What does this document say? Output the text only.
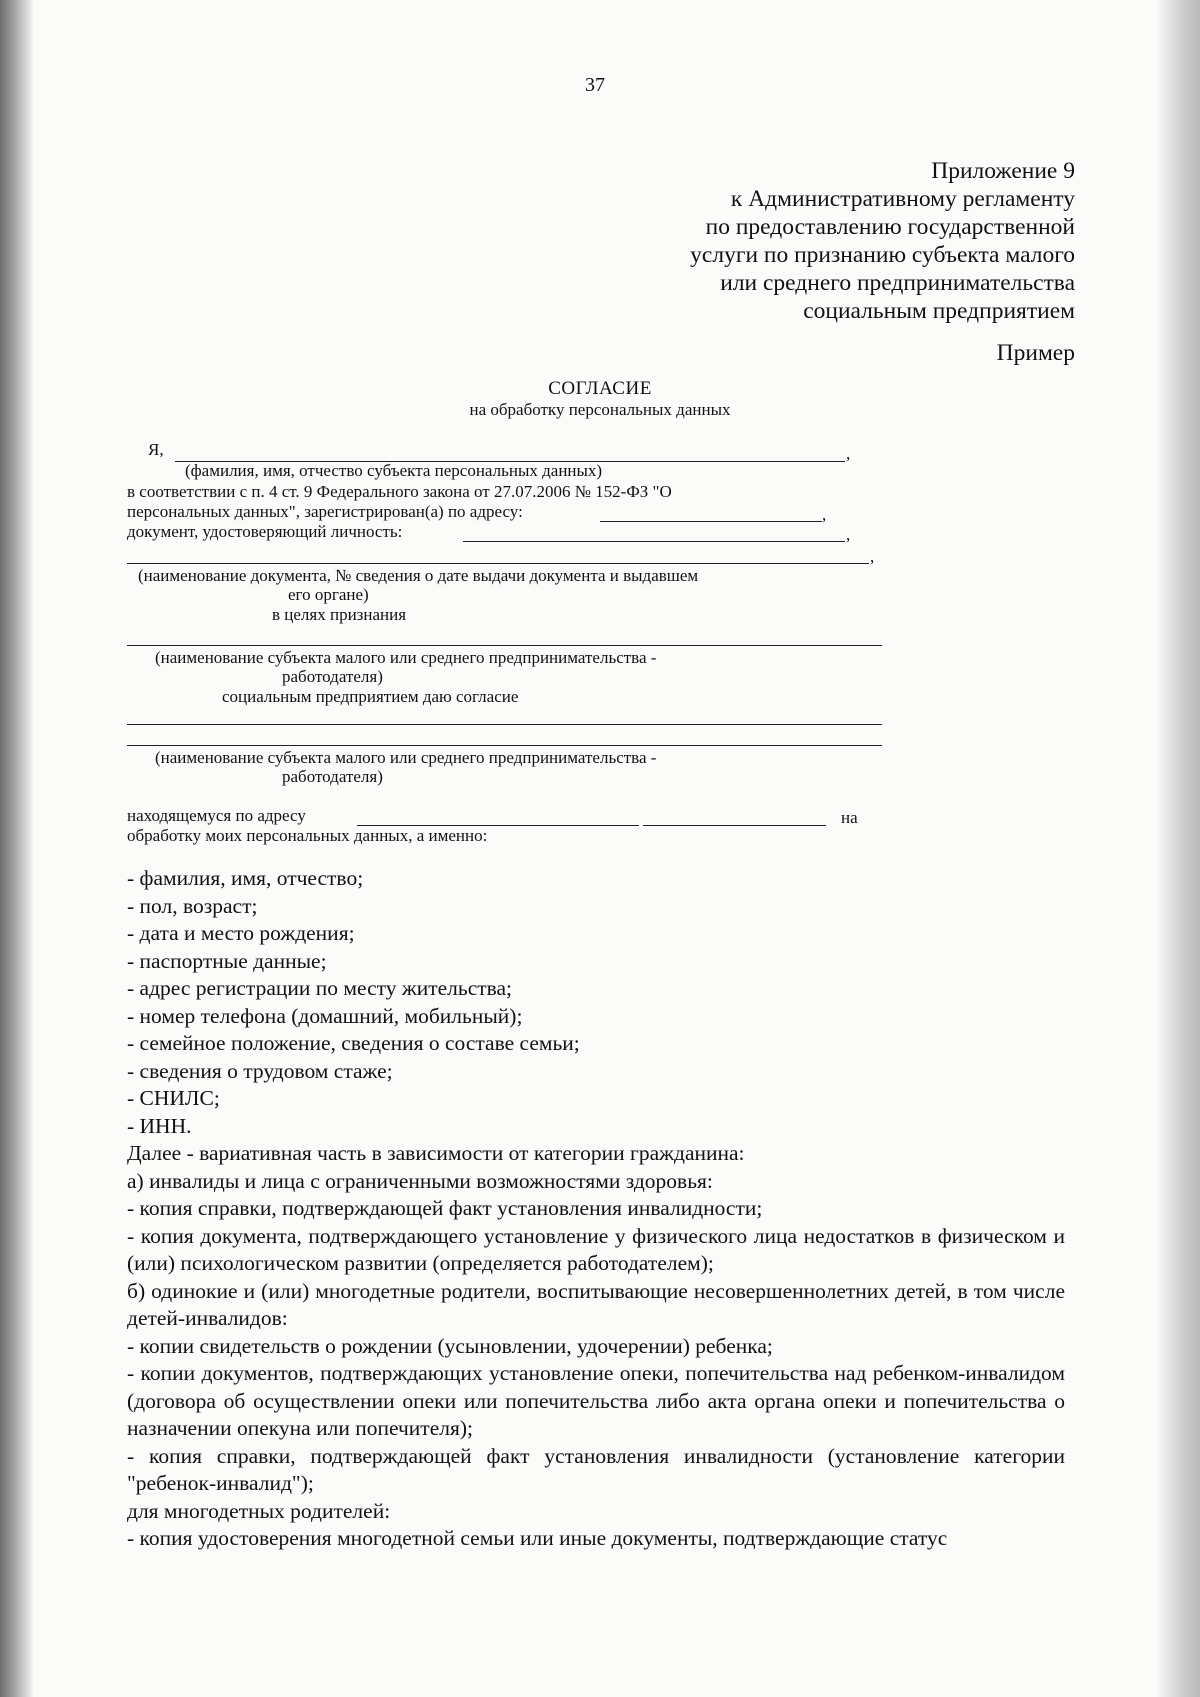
37
Приложение 9
к Административному регламенту
по предоставлению государственной
услуги по признанию субъекта малого
или среднего предпринимательства
социальным предприятием
Пример
СОГЛАСИЕ
на обработку персональных данных
Я,	,
(фамилия, имя, отчество субъекта персональных данных)
в соответствии с п. 4 ст. 9 Федерального закона от 27.07.2006 № 152-ФЗ "О
персональных данных", зарегистрирован(а) по адресу:	,
документ, удостоверяющий личность:	,
,
(наименование документа, № сведения о дате выдачи документа и выдавшем
его органе)
в целях признания
(наименование субъекта малого или среднего предпринимательства -
работодателя)
социальным предприятием даю согласие
(наименование субъекта малого или среднего предпринимательства -
работодателя)
находящемуся по адресу	на
обработку моих персональных данных, а именно:

- фамилия, имя, отчество;

- пол, возраст;

- дата и место рождения;

- паспортные данные;

- адрес регистрации по месту жительства;

- номер телефона (домашний, мобильный);

- семейное положение, сведения о составе семьи;

- сведения о трудовом стаже;

- СНИЛС;

- ИНН.

Далее - вариативная часть в зависимости от категории гражданина:

а) инвалиды и лица с ограниченными возможностями здоровья:

- копия справки, подтверждающей факт установления инвалидности;

- копия документа, подтверждающего установление у физического лица недостатков в физическом и (или) психологическом развитии (определяется работодателем);

б) одинокие и (или) многодетные родители, воспитывающие несовершеннолетних детей, в том числе детей-инвалидов:

- копии свидетельств о рождении (усыновлении, удочерении) ребенка;

- копии документов, подтверждающих установление опеки, попечительства над ребенком-инвалидом (договора об осуществлении опеки или попечительства либо акта органа опеки и попечительства о назначении опекуна или попечителя);

- копия справки, подтверждающей факт установления инвалидности (установление категории "ребенок-инвалид");

для многодетных родителей:

- копия удостоверения многодетной семьи или иные документы, подтверждающие статус
